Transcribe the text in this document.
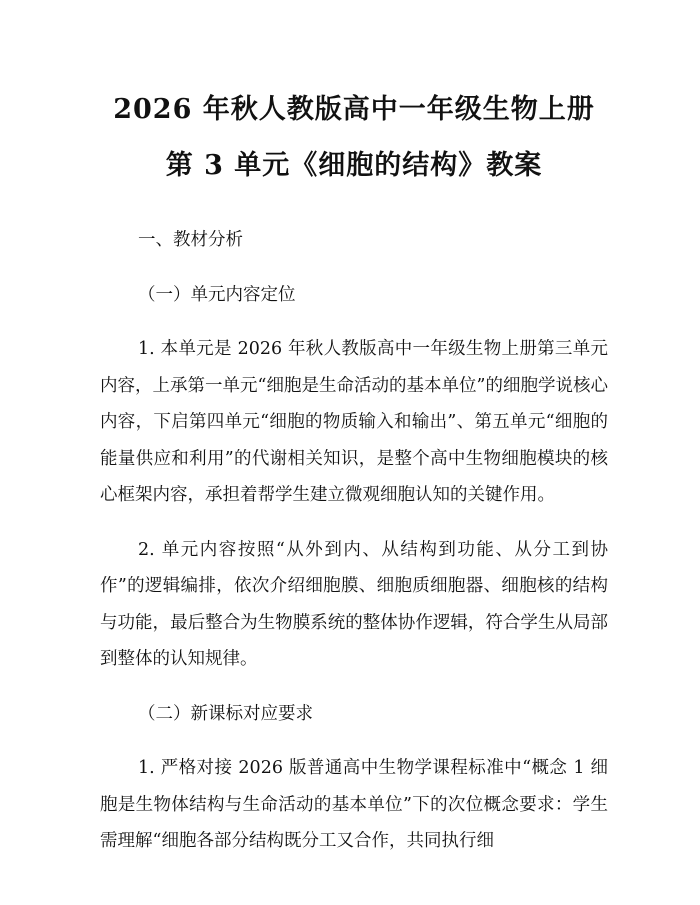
2026 年秋人教版高中一年级生物上册第 3 单元《细胞的结构》教案

一、教材分析

（一）单元内容定位

1. 本单元是 2026 年秋人教版高中一年级生物上册第三单元内容，上承第一单元“细胞是生命活动的基本单位”的细胞学说核心内容，下启第四单元“细胞的物质输入和输出”、第五单元“细胞的能量供应和利用”的代谢相关知识，是整个高中生物细胞模块的核心框架内容，承担着帮学生建立微观细胞认知的关键作用。

2. 单元内容按照“从外到内、从结构到功能、从分工到协作”的逻辑编排，依次介绍细胞膜、细胞质细胞器、细胞核的结构与功能，最后整合为生物膜系统的整体协作逻辑，符合学生从局部到整体的认知规律。

（二）新课标对应要求

1. 严格对接 2026 版普通高中生物学课程标准中“概念 1 细胞是生物体结构与生命活动的基本单位”下的次位概念要求：学生需理解“细胞各部分结构既分工又合作，共同执行细
